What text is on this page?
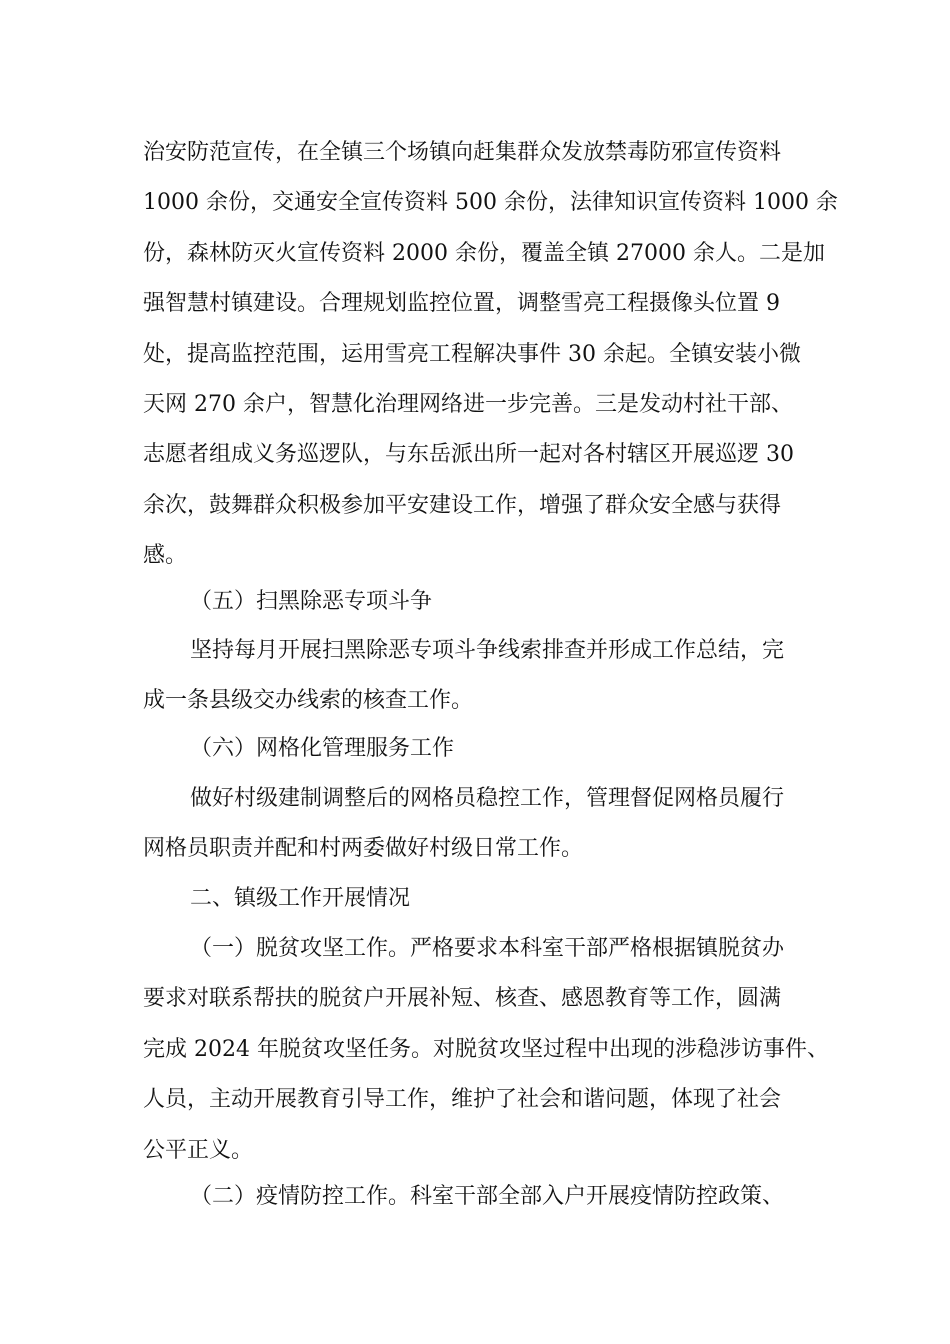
治安防范宣传，在全镇三个场镇向赶集群众发放禁毒防邪宣传资料
1000 余份，交通安全宣传资料 500 余份，法律知识宣传资料 1000 余
份，森林防灭火宣传资料 2000 余份，覆盖全镇 27000 余人。二是加
强智慧村镇建设。合理规划监控位置，调整雪亮工程摄像头位置 9
处，提高监控范围，运用雪亮工程解决事件 30 余起。全镇安装小微
天网 270 余户，智慧化治理网络进一步完善。三是发动村社干部、
志愿者组成义务巡逻队，与东岳派出所一起对各村辖区开展巡逻 30
余次，鼓舞群众积极参加平安建设工作，增强了群众安全感与获得
感。
（五）扫黑除恶专项斗争
坚持每月开展扫黑除恶专项斗争线索排查并形成工作总结，完
成一条县级交办线索的核查工作。
（六）网格化管理服务工作
做好村级建制调整后的网格员稳控工作，管理督促网格员履行
网格员职责并配和村两委做好村级日常工作。
二、镇级工作开展情况
（一）脱贫攻坚工作。严格要求本科室干部严格根据镇脱贫办
要求对联系帮扶的脱贫户开展补短、核查、感恩教育等工作，圆满
完成 2024 年脱贫攻坚任务。对脱贫攻坚过程中出现的涉稳涉访事件、
人员，主动开展教育引导工作，维护了社会和谐问题，体现了社会
公平正义。
（二）疫情防控工作。科室干部全部入户开展疫情防控政策、
